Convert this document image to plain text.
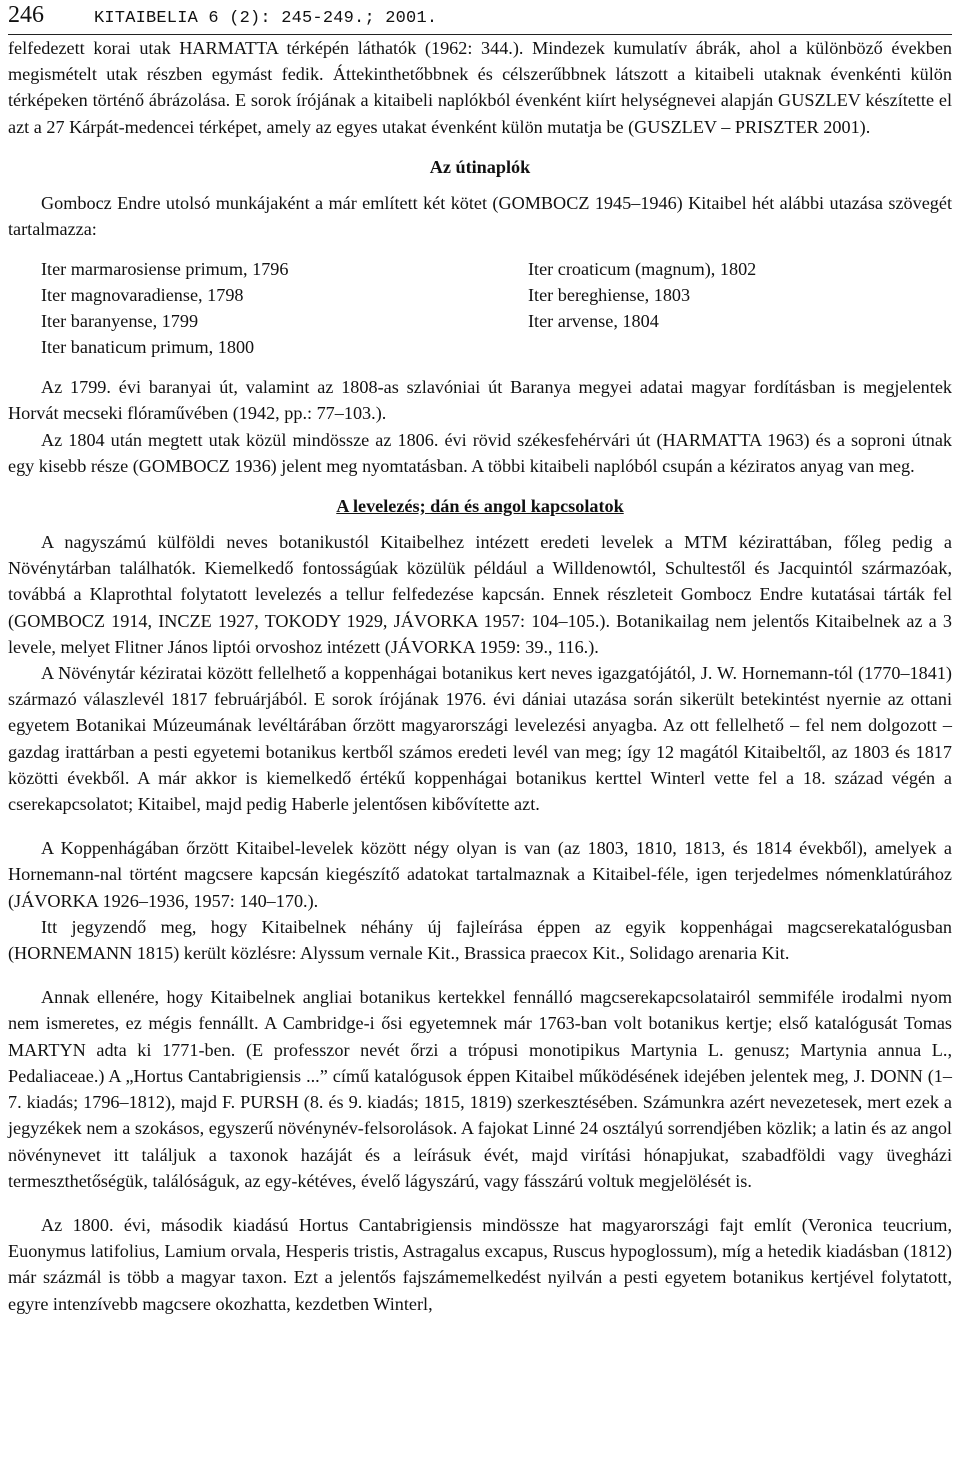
246	KITAIBELIA 6 (2): 245-249.; 2001.

felfedezett korai utak HARMATTA térképén láthatók (1962: 344.). Mindezek kumulatív ábrák, ahol a különböző években megismételt utak részben egymást fedik. Áttekinthetőbbnek és célszerűbbnek látszott a kitaibeli utaknak évenkénti külön térképeken történő ábrázolása. E sorok írójának a kitaibeli naplókból évenként kiírt helységnevei alapján GUSZLEV készítette el azt a 27 Kárpát-medencei térképet, amely az egyes utakat évenként külön mutatja be (GUSZLEV – PRISZTER 2001).

Az útinaplók

Gombocz Endre utolsó munkájaként a már említett két kötet (GOMBOCZ 1945–1946) Kitaibel hét alábbi utazása szövegét tartalmazza:

Iter marmarosiense primum, 1796	Iter croaticum (magnum), 1802
Iter magnovaradiense, 1798	Iter bereghiense, 1803
Iter baranyense, 1799	Iter arvense, 1804
Iter banaticum primum, 1800

Az 1799. évi baranyai út, valamint az 1808-as szlavóniai út Baranya megyei adatai magyar fordításban is megjelentek Horvát mecseki flóraművében (1942, pp.: 77–103.).

Az 1804 után megtett utak közül mindössze az 1806. évi rövid székesfehérvári út (HARMATTA 1963) és a soproni útnak egy kisebb része (GOMBOCZ 1936) jelent meg nyomtatásban. A többi kitaibeli naplóból csupán a kéziratos anyag van meg.

A levelezés; dán és angol kapcsolatok

A nagyszámú külföldi neves botanikustól Kitaibelhez intézett eredeti levelek a MTM kézirattában, főleg pedig a Növénytárban találhatók. Kiemelkedő fontosságúak közülük például a Willdenowtól, Schultestől és Jacquintól származóak, továbbá a Klaprothtal folytatott levelezés a tellur felfedezése kapcsán. Ennek részleteit Gombocz Endre kutatásai tárták fel (GOMBOCZ 1914, INCZE 1927, TOKODY 1929, JÁVORKA 1957: 104–105.). Botanikailag nem jelentős Kitaibelnek az a 3 levele, melyet Flitner János liptói orvoshoz intézett (JÁVORKA 1959: 39., 116.).

A Növénytár kéziratai között fellelhető a koppenhágai botanikus kert neves igazgatójától, J. W. Hornemann-tól (1770–1841) származó válaszlevél 1817 februárjából. E sorok írójának 1976. évi dániai utazása során sikerült betekintést nyernie az ottani egyetem Botanikai Múzeumának levéltárában őrzött magyarországi levelezési anyagba. Az ott fellelhető – fel nem dolgozott – gazdag irattárban a pesti egyetemi botanikus kertből számos eredeti levél van meg; így 12 magától Kitaibeltől, az 1803 és 1817 közötti évekből. A már akkor is kiemelkedő értékű koppenhágai botanikus kerttel Winterl vette fel a 18. század végén a cserekapcsolatot; Kitaibel, majd pedig Haberle jelentősen kibővítette azt.

A Koppenhágában őrzött Kitaibel-levelek között négy olyan is van (az 1803, 1810, 1813, és 1814 évekből), amelyek a Hornemann-nal történt magcsere kapcsán kiegészítő adatokat tartalmaznak a Kitaibel-féle, igen terjedelmes nómenklatúrához (JÁVORKA 1926–1936, 1957: 140–170.).

Itt jegyzendő meg, hogy Kitaibelnek néhány új fajleírása éppen az egyik koppenhágai magcserekatalógusban (HORNEMANN 1815) került közlésre: Alyssum vernale Kit., Brassica praecox Kit., Solidago arenaria Kit.

Annak ellenére, hogy Kitaibelnek angliai botanikus kertekkel fennálló magcserekapcsolatairól semmiféle irodalmi nyom nem ismeretes, ez mégis fennállt. A Cambridge-i ősi egyetemnek már 1763-ban volt botanikus kertje; első katalógusát Tomas MARTYN adta ki 1771-ben. (E professzor nevét őrzi a trópusi monotipikus Martynia L. genusz; Martynia annua L., Pedaliaceae.) A „Hortus Cantabrigiensis ...” című katalógusok éppen Kitaibel működésének idejében jelentek meg, J. DONN (1–7. kiadás; 1796–1812), majd F. PURSH (8. és 9. kiadás; 1815, 1819) szerkesztésében. Számunkra azért nevezetesek, mert ezek a jegyzékek nem a szokásos, egyszerű növénynév-felsorolások. A fajokat Linné 24 osztályú sorrendjében közlik; a latin és az angol növénynevet itt találjuk a taxonok hazáját és a leírásuk évét, majd virítási hónapjukat, szabadföldi vagy üvegházi termeszthetőségük, találóságuk, az egy-kétéves, évelő lágyszárú, vagy fásszárú voltuk megjelölését is.

Az 1800. évi, második kiadású Hortus Cantabrigiensis mindössze hat magyarországi fajt említ (Veronica teucrium, Euonymus latifolius, Lamium orvala, Hesperis tristis, Astragalus excapus, Ruscus hypoglossum), míg a hetedik kiadásban (1812) már százmál is több a magyar taxon. Ezt a jelentős fajszámemelkedést nyilván a pesti egyetem botanikus kertjével folytatott, egyre intenzívebb magcsere okozhatta, kezdetben Winterl,
